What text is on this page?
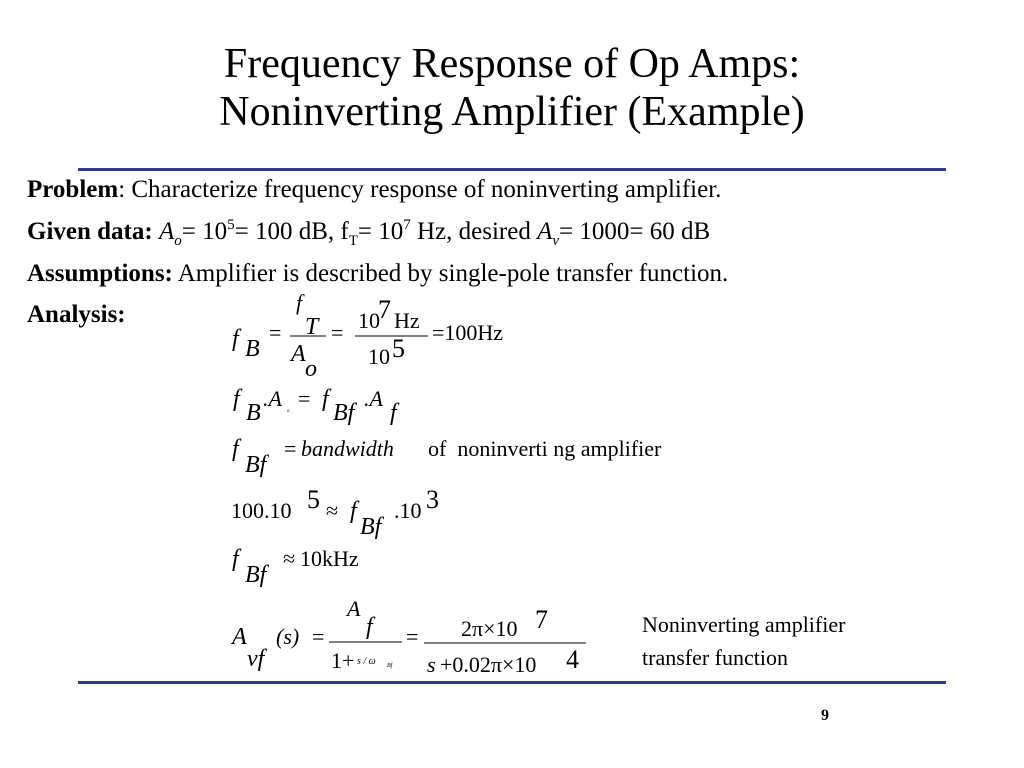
Frequency Response of Op Amps:
Noninverting Amplifier (Example)
Problem: Characterize frequency response of noninverting amplifier.
Given data: $A_o= 10^5= 100$ dB, $f_T= 10^7$ Hz, desired $A_v= 1000= 60$ dB
Assumptions: Amplifier is described by single-pole transfer function.
Analysis:
f B
=
f
T
A
o
= 10
7 Hz
10 5
=100Hz
f
B
.A
o
= f
Bf
.A
f
f
Bf
= bandwidth of  noninverti ng amplifier
100.10 5 ≈ f
Bf
.10 3
f
Bf
≈ 10kHz
A
vf
(s) =
A
f
1+ s / ω Bf
= 2π×10 7
s +0.02π×10 4
Noninverting amplifier
transfer function
9
